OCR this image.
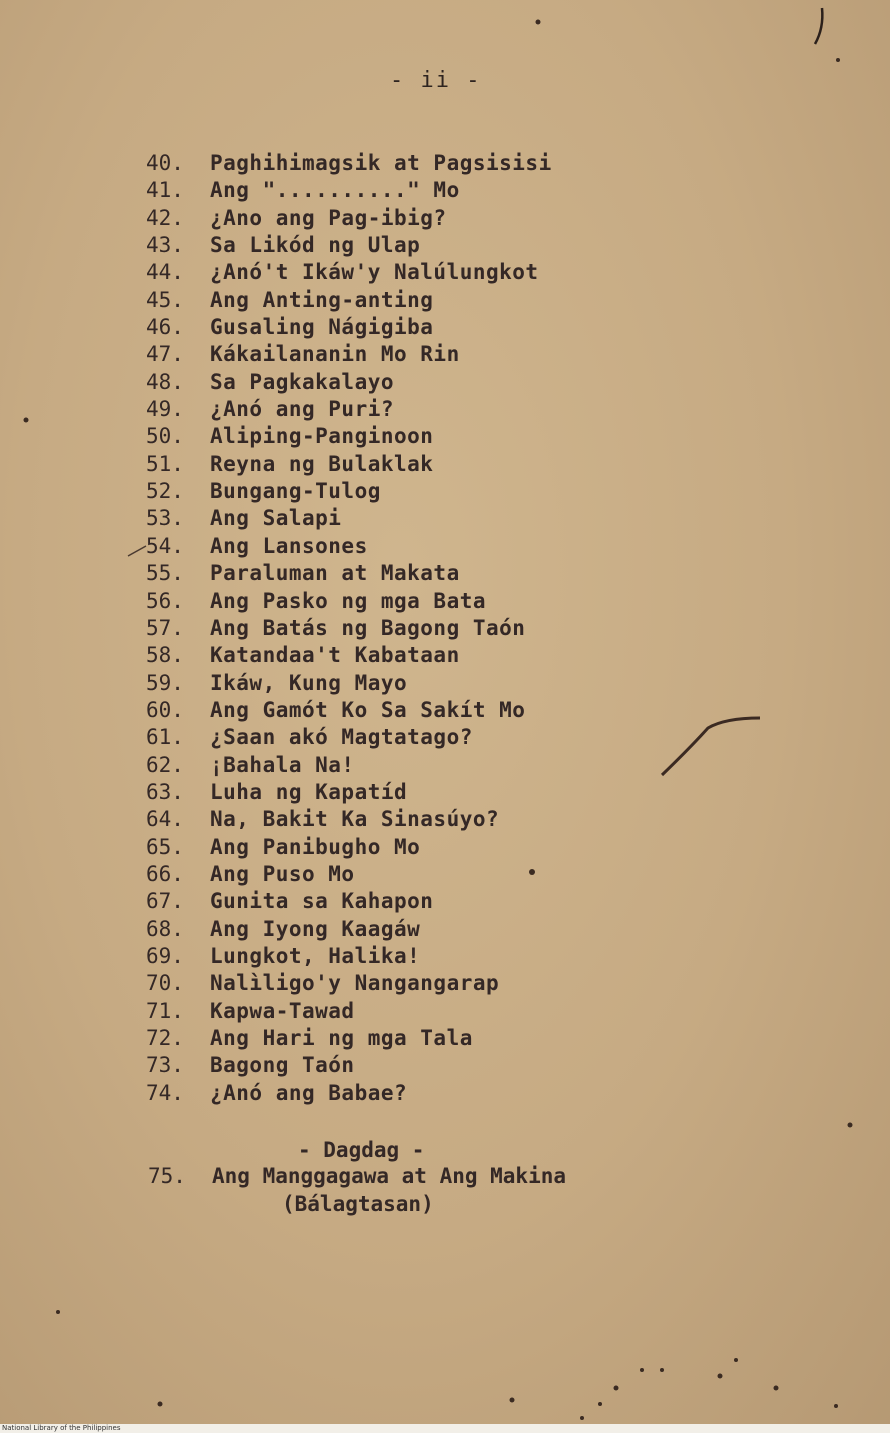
- ii -
40.	Paghihimagsik at Pagsisisi
41.	Ang ".........." Mo
42.	¿Ano ang Pag-ibig?
43.	Sa Likód ng Ulap
44.	¿Anó't Ikáw'y Nalúlungkot
45.	Ang Anting-anting
46.	Gusaling Nágigiba
47.	Kákailananin Mo Rin
48.	Sa Pagkakalayo
49.	¿Anó ang Puri?
50.	Aliping-Panginoon
51.	Reyna ng Bulaklak
52.	Bungang-Tulog
53.	Ang Salapi
54.	Ang Lansones
55.	Paraluman at Makata
56.	Ang Pasko ng mga Bata
57.	Ang Batás ng Bagong Taón
58.	Katandaa't Kabataan
59.	Ikáw, Kung Mayo
60.	Ang Gamót Ko Sa Sakít Mo
61.	¿Saan akó Magtatago?
62.	¡Bahala Na!
63.	Luha ng Kapatíd
64.	Na, Bakit Ka Sinasúyo?
65.	Ang Panibugho Mo
66.	Ang Puso Mo
67.	Gunita sa Kahapon
68.	Ang Iyong Kaagáw
69.	Lungkot, Halika!
70.	Nalìligo'y Nangangarap
71.	Kapwa-Tawad
72.	Ang Hari ng mga Tala
73.	Bagong Taón
74.	¿Anó ang Babae?
- Dagdag -
75.	Ang Manggagawa at Ang Makina
(Bálagtasan)
National Library of the Philippines
